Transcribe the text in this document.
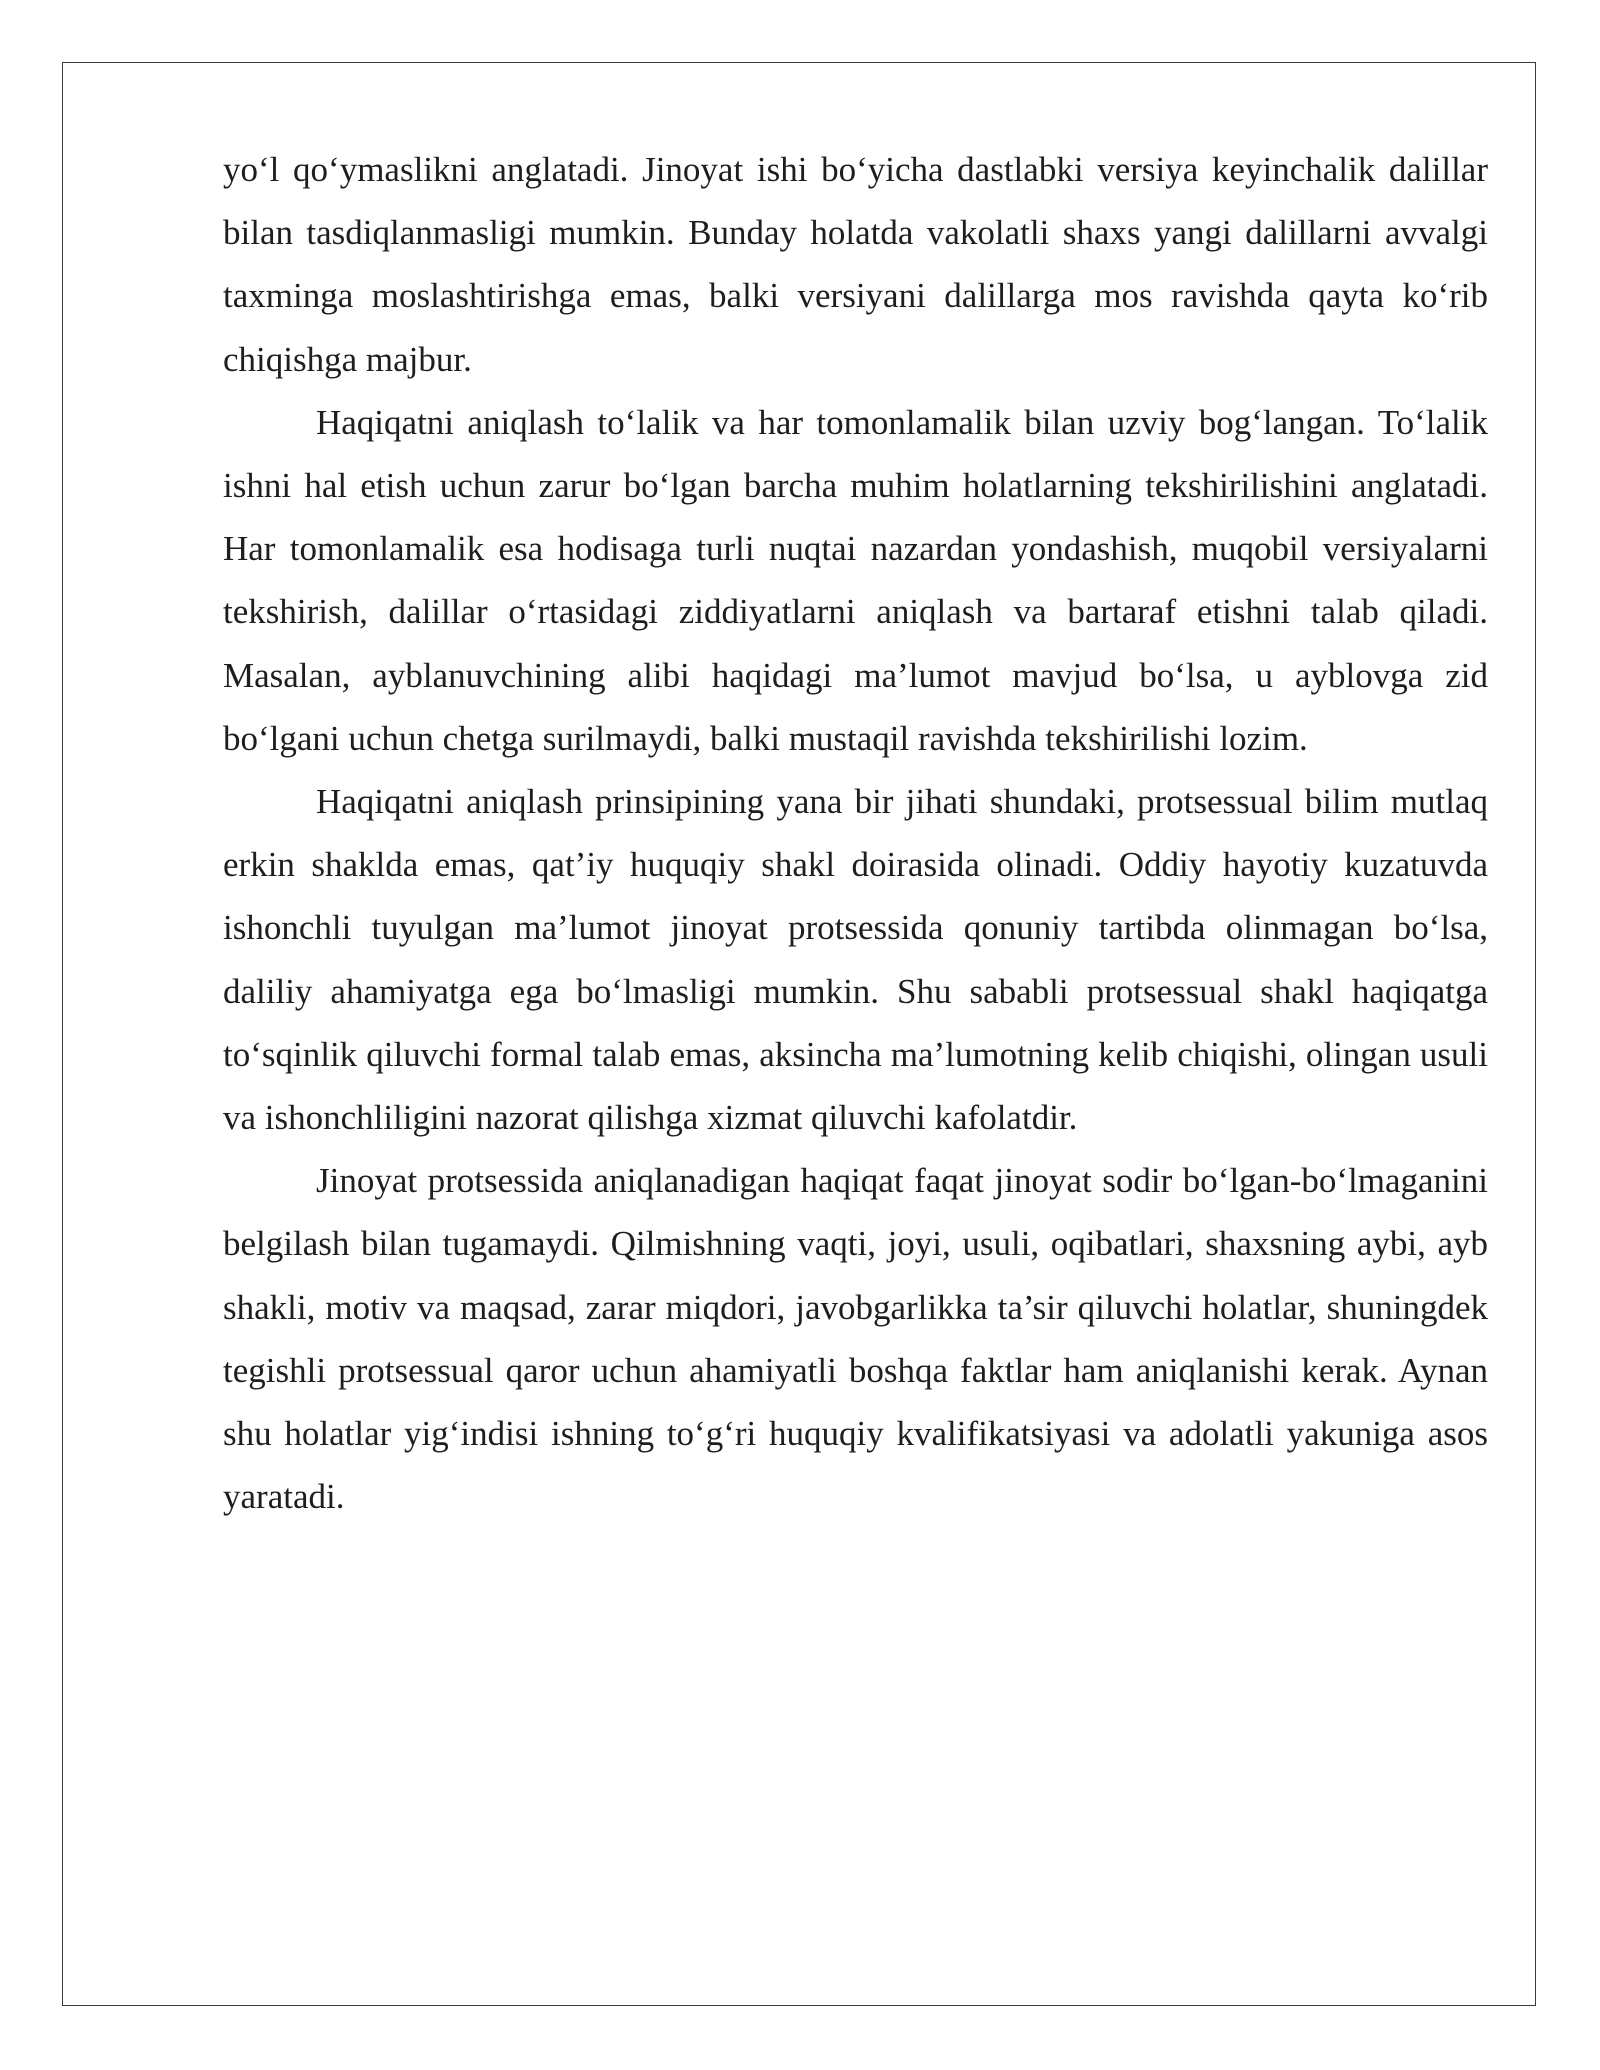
yo‘l qo‘ymaslikni anglatadi. Jinoyat ishi bo‘yicha dastlabki versiya keyinchalik dalillar bilan tasdiqlanmasligi mumkin. Bunday holatda vakolatli shaxs yangi dalillarni avvalgi taxminga moslashtirishga emas, balki versiyani dalillarga mos ravishda qayta ko‘rib chiqishga majbur.

Haqiqatni aniqlash to‘lalik va har tomonlamalik bilan uzviy bog‘langan. To‘lalik ishni hal etish uchun zarur bo‘lgan barcha muhim holatlarning tekshirilishini anglatadi. Har tomonlamalik esa hodisaga turli nuqtai nazardan yondashish, muqobil versiyalarni tekshirish, dalillar o‘rtasidagi ziddiyatlarni aniqlash va bartaraf etishni talab qiladi. Masalan, ayblanuvchining alibi haqidagi ma’lumot mavjud bo‘lsa, u ayblovga zid bo‘lgani uchun chetga surilmaydi, balki mustaqil ravishda tekshirilishi lozim.

Haqiqatni aniqlash prinsipining yana bir jihati shundaki, protsessual bilim mutlaq erkin shaklda emas, qat’iy huquqiy shakl doirasida olinadi. Oddiy hayotiy kuzatuvda ishonchli tuyulgan ma’lumot jinoyat protsessida qonuniy tartibda olinmagan bo‘lsa, daliliy ahamiyatga ega bo‘lmasligi mumkin. Shu sababli protsessual shakl haqiqatga to‘sqinlik qiluvchi formal talab emas, aksincha ma’lumotning kelib chiqishi, olingan usuli va ishonchliligini nazorat qilishga xizmat qiluvchi kafolatdir.

Jinoyat protsessida aniqlanadigan haqiqat faqat jinoyat sodir bo‘lgan-bo‘lmaganini belgilash bilan tugamaydi. Qilmishning vaqti, joyi, usuli, oqibatlari, shaxsning aybi, ayb shakli, motiv va maqsad, zarar miqdori, javobgarlikka ta’sir qiluvchi holatlar, shuningdek tegishli protsessual qaror uchun ahamiyatli boshqa faktlar ham aniqlanishi kerak. Aynan shu holatlar yig‘indisi ishning to‘g‘ri huquqiy kvalifikatsiyasi va adolatli yakuniga asos yaratadi.
